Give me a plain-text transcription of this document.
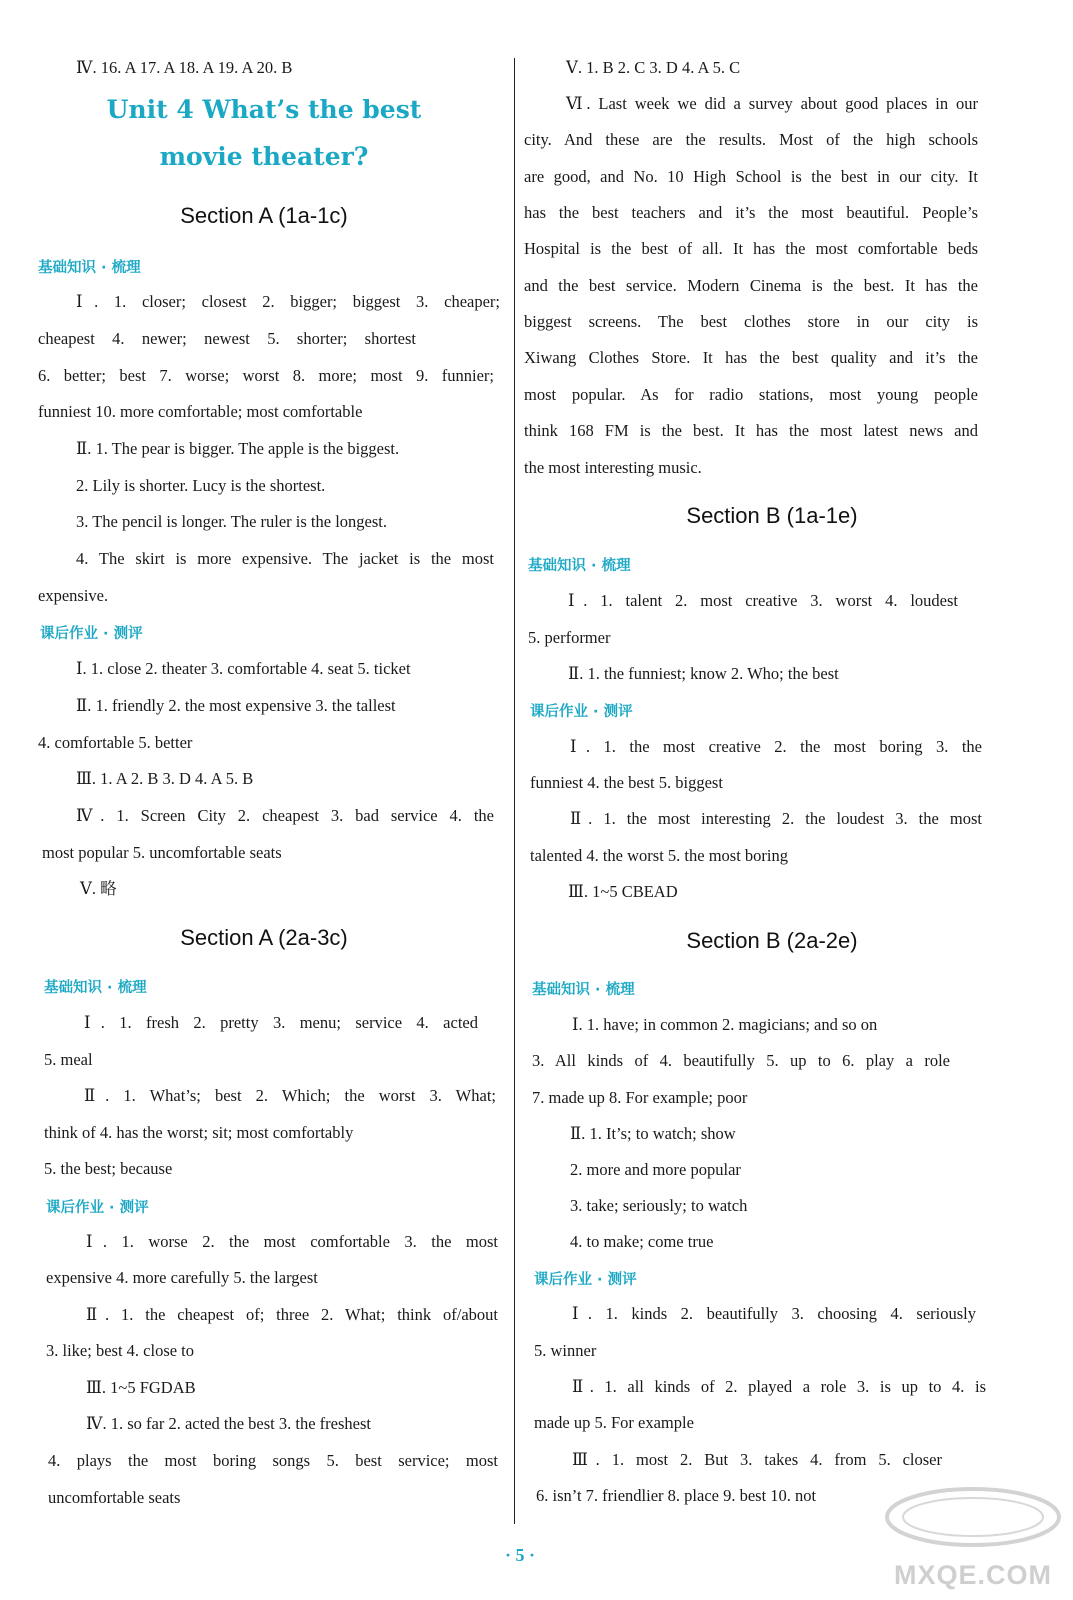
Ⅳ. 16. A 17. A 18. A 19. A 20. B
Unit 4 What’s the best
movie theater?
Section A (1a-1c)
基础知识 · 梳理
Ⅰ. 1. closer; closest 2. bigger; biggest 3. cheaper;
cheapest 4. newer; newest 5. shorter; shortest
6. better; best 7. worse; worst 8. more; most 9. funnier;
funniest 10. more comfortable; most comfortable
Ⅱ. 1. The pear is bigger. The apple is the biggest.
2. Lily is shorter. Lucy is the shortest.
3. The pencil is longer. The ruler is the longest.
4. The skirt is more expensive. The jacket is the most
expensive.
课后作业 · 测评
Ⅰ. 1. close 2. theater 3. comfortable 4. seat 5. ticket
Ⅱ. 1. friendly 2. the most expensive 3. the tallest
4. comfortable 5. better
Ⅲ. 1. A 2. B 3. D 4. A 5. B
Ⅳ. 1. Screen City 2. cheapest 3. bad service 4. the
most popular 5. uncomfortable seats
Ⅴ. 略
Section A (2a-3c)
基础知识 · 梳理
Ⅰ. 1. fresh 2. pretty 3. menu; service 4. acted
5. meal
Ⅱ. 1. What’s; best 2. Which; the worst 3. What;
think of 4. has the worst; sit; most comfortably
5. the best; because
课后作业 · 测评
Ⅰ. 1. worse 2. the most comfortable 3. the most
expensive 4. more carefully 5. the largest
Ⅱ. 1. the cheapest of; three 2. What; think of/about
3. like; best 4. close to
Ⅲ. 1~5 FGDAB
Ⅳ. 1. so far 2. acted the best 3. the freshest
4. plays the most boring songs 5. best service; most
uncomfortable seats
Ⅴ. 1. B 2. C 3. D 4. A 5. C
Ⅵ. Last week we did a survey about good places in our
city. And these are the results. Most of the high schools
are good, and No. 10 High School is the best in our city. It
has the best teachers and it’s the most beautiful. People’s
Hospital is the best of all. It has the most comfortable beds
and the best service. Modern Cinema is the best. It has the
biggest screens. The best clothes store in our city is
Xiwang Clothes Store. It has the best quality and it’s the
most popular. As for radio stations, most young people
think 168 FM is the best. It has the most latest news and
the most interesting music.
Section B (1a-1e)
基础知识 · 梳理
Ⅰ. 1. talent 2. most creative 3. worst 4. loudest
5. performer
Ⅱ. 1. the funniest; know 2. Who; the best
课后作业 · 测评
Ⅰ. 1. the most creative 2. the most boring 3. the
funniest 4. the best 5. biggest
Ⅱ. 1. the most interesting 2. the loudest 3. the most
talented 4. the worst 5. the most boring
Ⅲ. 1~5 CBEAD
Section B (2a-2e)
基础知识 · 梳理
Ⅰ. 1. have; in common 2. magicians; and so on
3. All kinds of 4. beautifully 5. up to 6. play a role
7. made up 8. For example; poor
Ⅱ. 1. It’s; to watch; show
2. more and more popular
3. take; seriously; to watch
4. to make; come true
课后作业 · 测评
Ⅰ. 1. kinds 2. beautifully 3. choosing 4. seriously
5. winner
Ⅱ. 1. all kinds of 2. played a role 3. is up to 4. is
made up 5. For example
Ⅲ. 1. most 2. But 3. takes 4. from 5. closer
6. isn’t 7. friendlier 8. place 9. best 10. not
· 5 ·
MXQE.COM
